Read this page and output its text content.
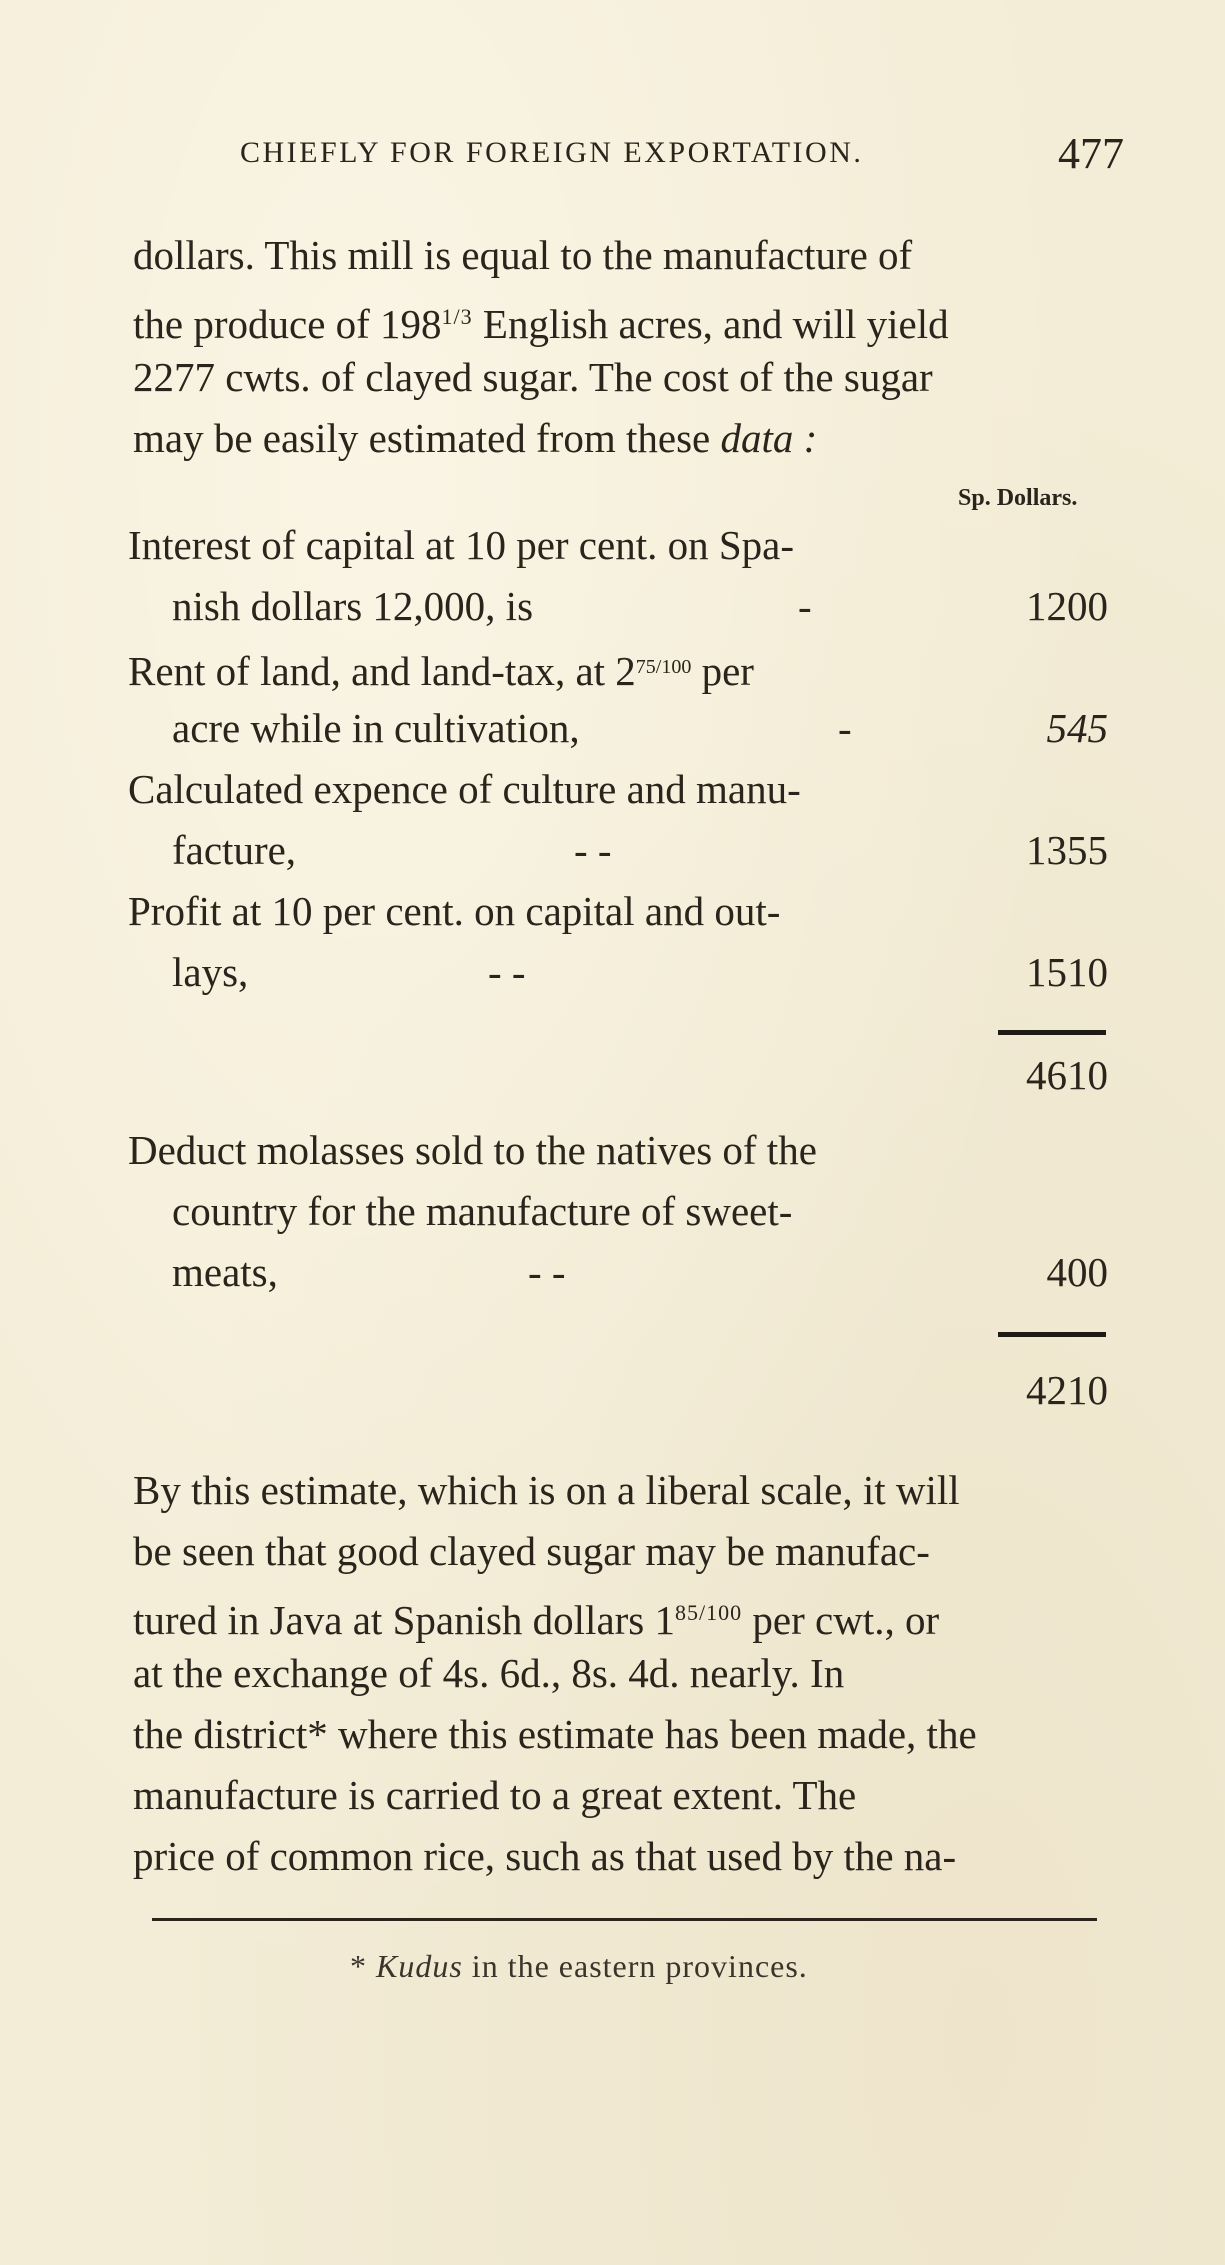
CHIEFLY FOR FOREIGN EXPORTATION.	477
dollars. This mill is equal to the manufacture of
the produce of $198^{1/3}$ English acres, and will yield
2277 cwts. of clayed sugar. The cost of the sugar
may be easily estimated from these data :
Sp. Dollars.
Interest of capital at 10 per cent. on Spa-
nish dollars 12,000, is	-	1200
Rent of land, and land-tax, at $2^{75/100}$ per
acre while in cultivation,	-	545
Calculated expence of culture and manu-
facture,	- -	1355
Profit at 10 per cent. on capital and out-
lays,	- -	1510
4610
Deduct molasses sold to the natives of the
country for the manufacture of sweet-
meats,	- -	400
4210
By this estimate, which is on a liberal scale, it will
be seen that good clayed sugar may be manufac-
tured in Java at Spanish dollars $1^{85/100}$ per cwt., or
at the exchange of 4s. 6d., 8s. 4d. nearly. In
the district* where this estimate has been made, the
manufacture is carried to a great extent. The
price of common rice, such as that used by the na-
* Kudus in the eastern provinces.
